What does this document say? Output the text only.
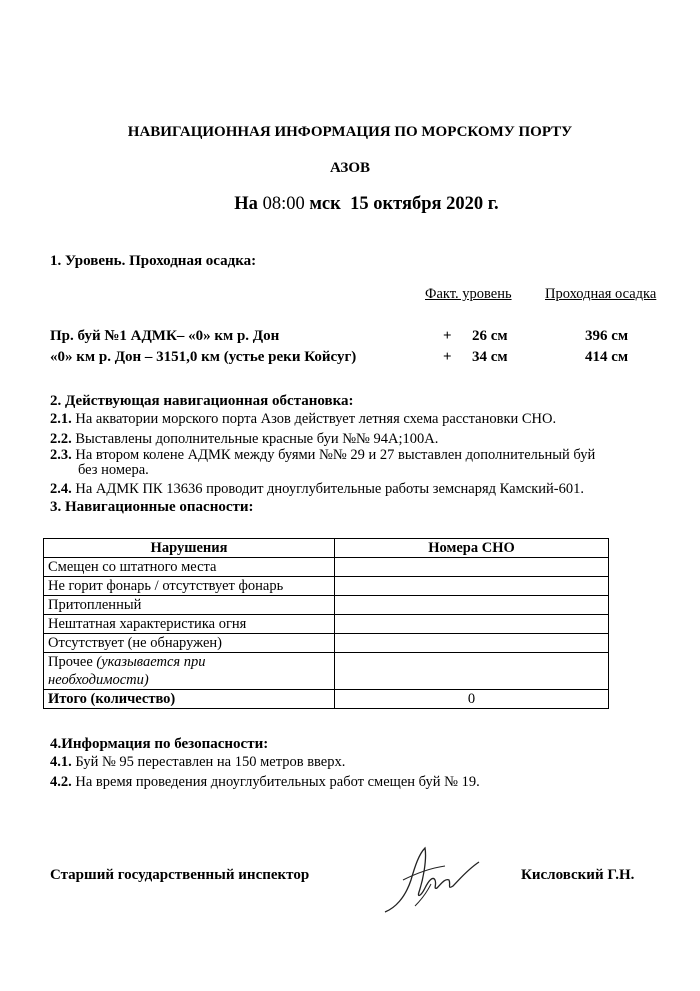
НАВИГАЦИОННАЯ ИНФОРМАЦИЯ ПО МОРСКОМУ ПОРТУ
АЗОВ
На 08:00 мск 15 октября 2020 г.
1. Уровень. Проходная осадка:
Факт. уровень Проходная осадка
Пр. буй №1 АДМК– «0» км р. Дон	+ 26 см	396 см
«0» км р. Дон – 3151,0 км (устье реки Койсуг)	+ 34 см	414 см
2. Действующая навигационная обстановка:
2.1. На акватории морского порта Азов действует летняя схема расстановки СНО.
2.2. Выставлены дополнительные красные буи №№ 94А;100А.
2.3. На втором колене АДМК между буями №№ 29 и 27 выставлен дополнительный буй
без номера.
2.4. На АДМК ПК 13636 проводит дноуглубительные работы земснаряд Камский-601.
3. Навигационные опасности:
Нарушения	Номера СНО
Смещен со штатного места	
Не горит фонарь / отсутствует фонарь	
Притопленный	
Нештатная характеристика огня	
Отсутствует (не обнаружен)	
Прочее (указывается при
необходимости)	
Итого (количество)	0
4.Информация по безопасности:
4.1. Буй № 95 переставлен на 150 метров вверх.
4.2. На время проведения дноуглубительных работ смещен буй № 19.
Старший государственный инспектор	Кисловский Г.Н.
